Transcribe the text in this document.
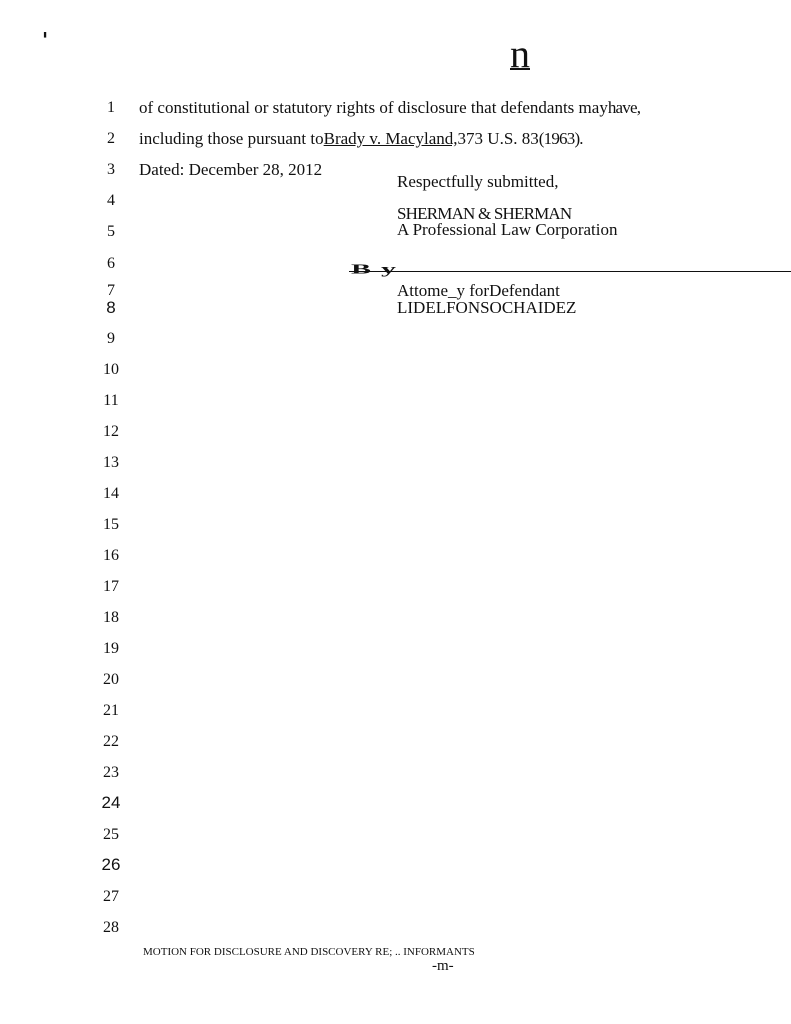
'	n
1
2
3
4
5
6
7
8
9
10
11
12
13
14
15
16
17
18
19
20
21
22
23
24
25
26
27
28
of constitutional or statutory rights of disclosure that defendants mayhave,
including those pursuant toBrady v. Macyland,373 U.S. 83(1963).
Dated: December 28, 2012
Respectfully submitted,
SHERMAN & SHERMAN
A Professional Law Corporation
By
Attome_y forDefendant
LIDELFONSOCHAIDEZ
MOTION FOR DISCLOSURE AND DISCOVERY RE; .. INFORMANTS
-m-
